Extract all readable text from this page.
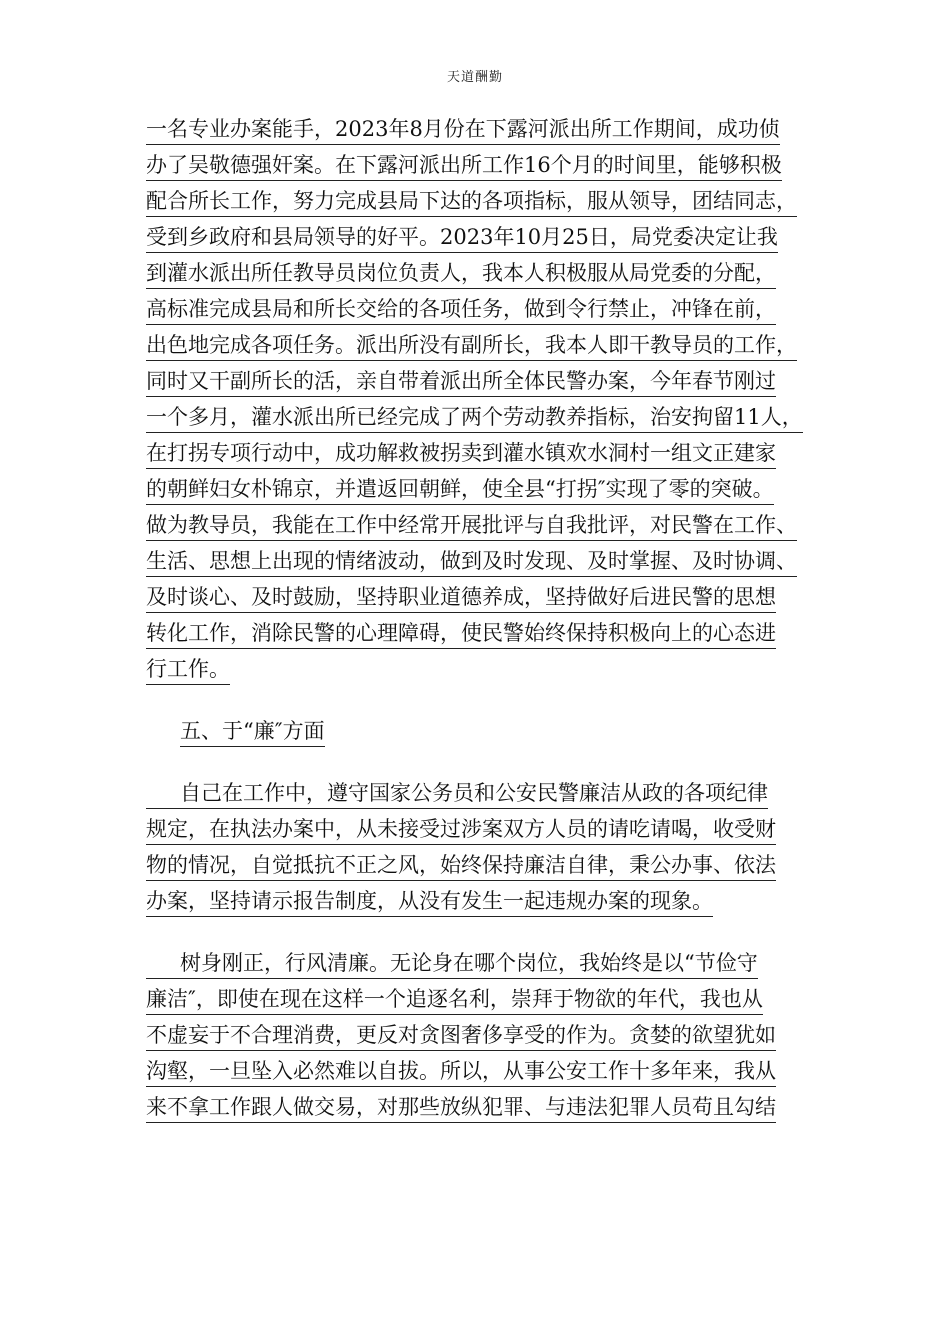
天道酬勤
一名专业办案能手，2023年8月份在下露河派出所工作期间，成功侦
办了吴敬德强奸案。在下露河派出所工作16个月的时间里，能够积极
配合所长工作，努力完成县局下达的各项指标，服从领导，团结同志，
受到乡政府和县局领导的好平。2023年10月25日，局党委决定让我
到灌水派出所任教导员岗位负责人，我本人积极服从局党委的分配，
高标准完成县局和所长交给的各项任务，做到令行禁止，冲锋在前，
出色地完成各项任务。派出所没有副所长，我本人即干教导员的工作，
同时又干副所长的活，亲自带着派出所全体民警办案，今年春节刚过
一个多月，灌水派出所已经完成了两个劳动教养指标，治安拘留11人，
在打拐专项行动中，成功解救被拐卖到灌水镇欢水洞村一组文正建家
的朝鲜妇女朴锦京，并遣返回朝鲜，使全县“打拐″实现了零的突破。
做为教导员，我能在工作中经常开展批评与自我批评，对民警在工作、
生活、思想上出现的情绪波动，做到及时发现、及时掌握、及时协调、
及时谈心、及时鼓励，坚持职业道德养成，坚持做好后进民警的思想
转化工作，消除民警的心理障碍，使民警始终保持积极向上的心态进
行工作。
五、于“廉″方面
自己在工作中，遵守国家公务员和公安民警廉洁从政的各项纪律
规定，在执法办案中，从未接受过涉案双方人员的请吃请喝，收受财
物的情况，自觉抵抗不正之风，始终保持廉洁自律，秉公办事、依法
办案，坚持请示报告制度，从没有发生一起违规办案的现象。
树身刚正，行风清廉。无论身在哪个岗位，我始终是以“节俭守
廉洁″，即使在现在这样一个追逐名利，崇拜于物欲的年代，我也从
不虚妄于不合理消费，更反对贪图奢侈享受的作为。贪婪的欲望犹如
沟壑，一旦坠入必然难以自拔。所以，从事公安工作十多年来，我从
来不拿工作跟人做交易，对那些放纵犯罪、与违法犯罪人员苟且勾结
